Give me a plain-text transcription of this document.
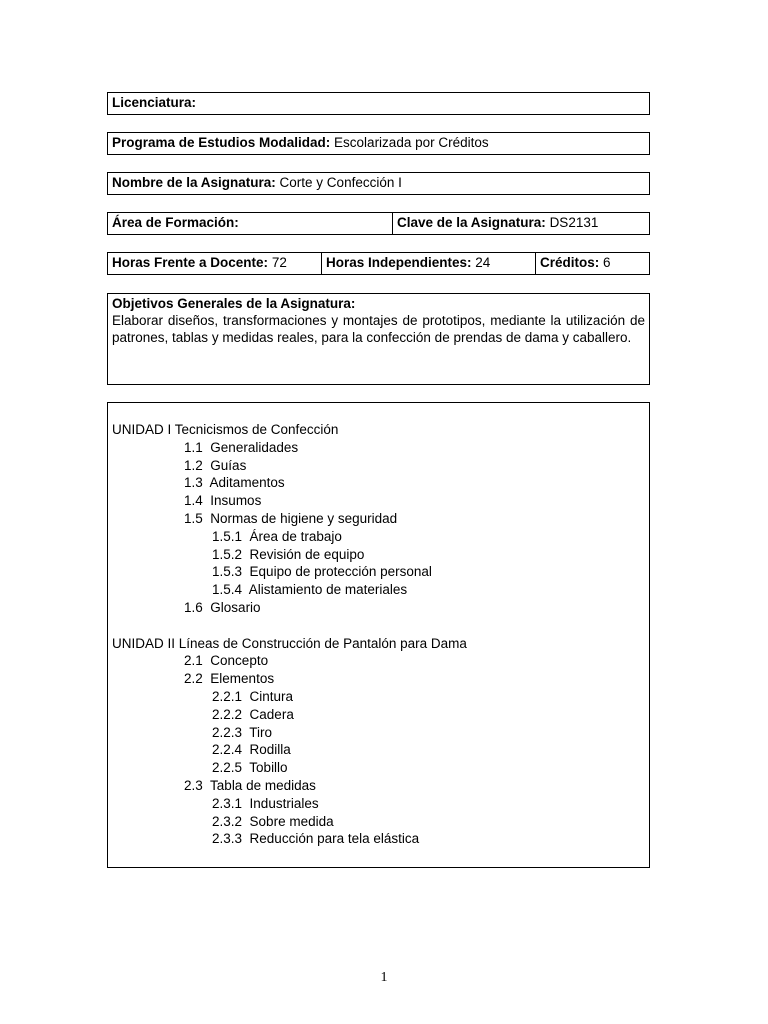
Licenciatura:
Programa de Estudios Modalidad: Escolarizada por Créditos
Nombre de la Asignatura: Corte y Confección I
Área de Formación:	Clave de la Asignatura: DS2131
Horas Frente a Docente: 72	Horas Independientes: 24	Créditos: 6
Objetivos Generales de la Asignatura:
Elaborar diseños, transformaciones y montajes de prototipos, mediante la utilización de patrones, tablas y medidas reales, para la confección de prendas de dama y caballero.
UNIDAD I Tecnicismos de Confección
1.1 Generalidades
1.2 Guías
1.3 Aditamentos
1.4 Insumos
1.5 Normas de higiene y seguridad
1.5.1 Área de trabajo
1.5.2 Revisión de equipo
1.5.3 Equipo de protección personal
1.5.4 Alistamiento de materiales
1.6 Glosario
UNIDAD II Líneas de Construcción de Pantalón para Dama
2.1 Concepto
2.2 Elementos
2.2.1 Cintura
2.2.2 Cadera
2.2.3 Tiro
2.2.4 Rodilla
2.2.5 Tobillo
2.3 Tabla de medidas
2.3.1 Industriales
2.3.2 Sobre medida
2.3.3 Reducción para tela elástica
1
